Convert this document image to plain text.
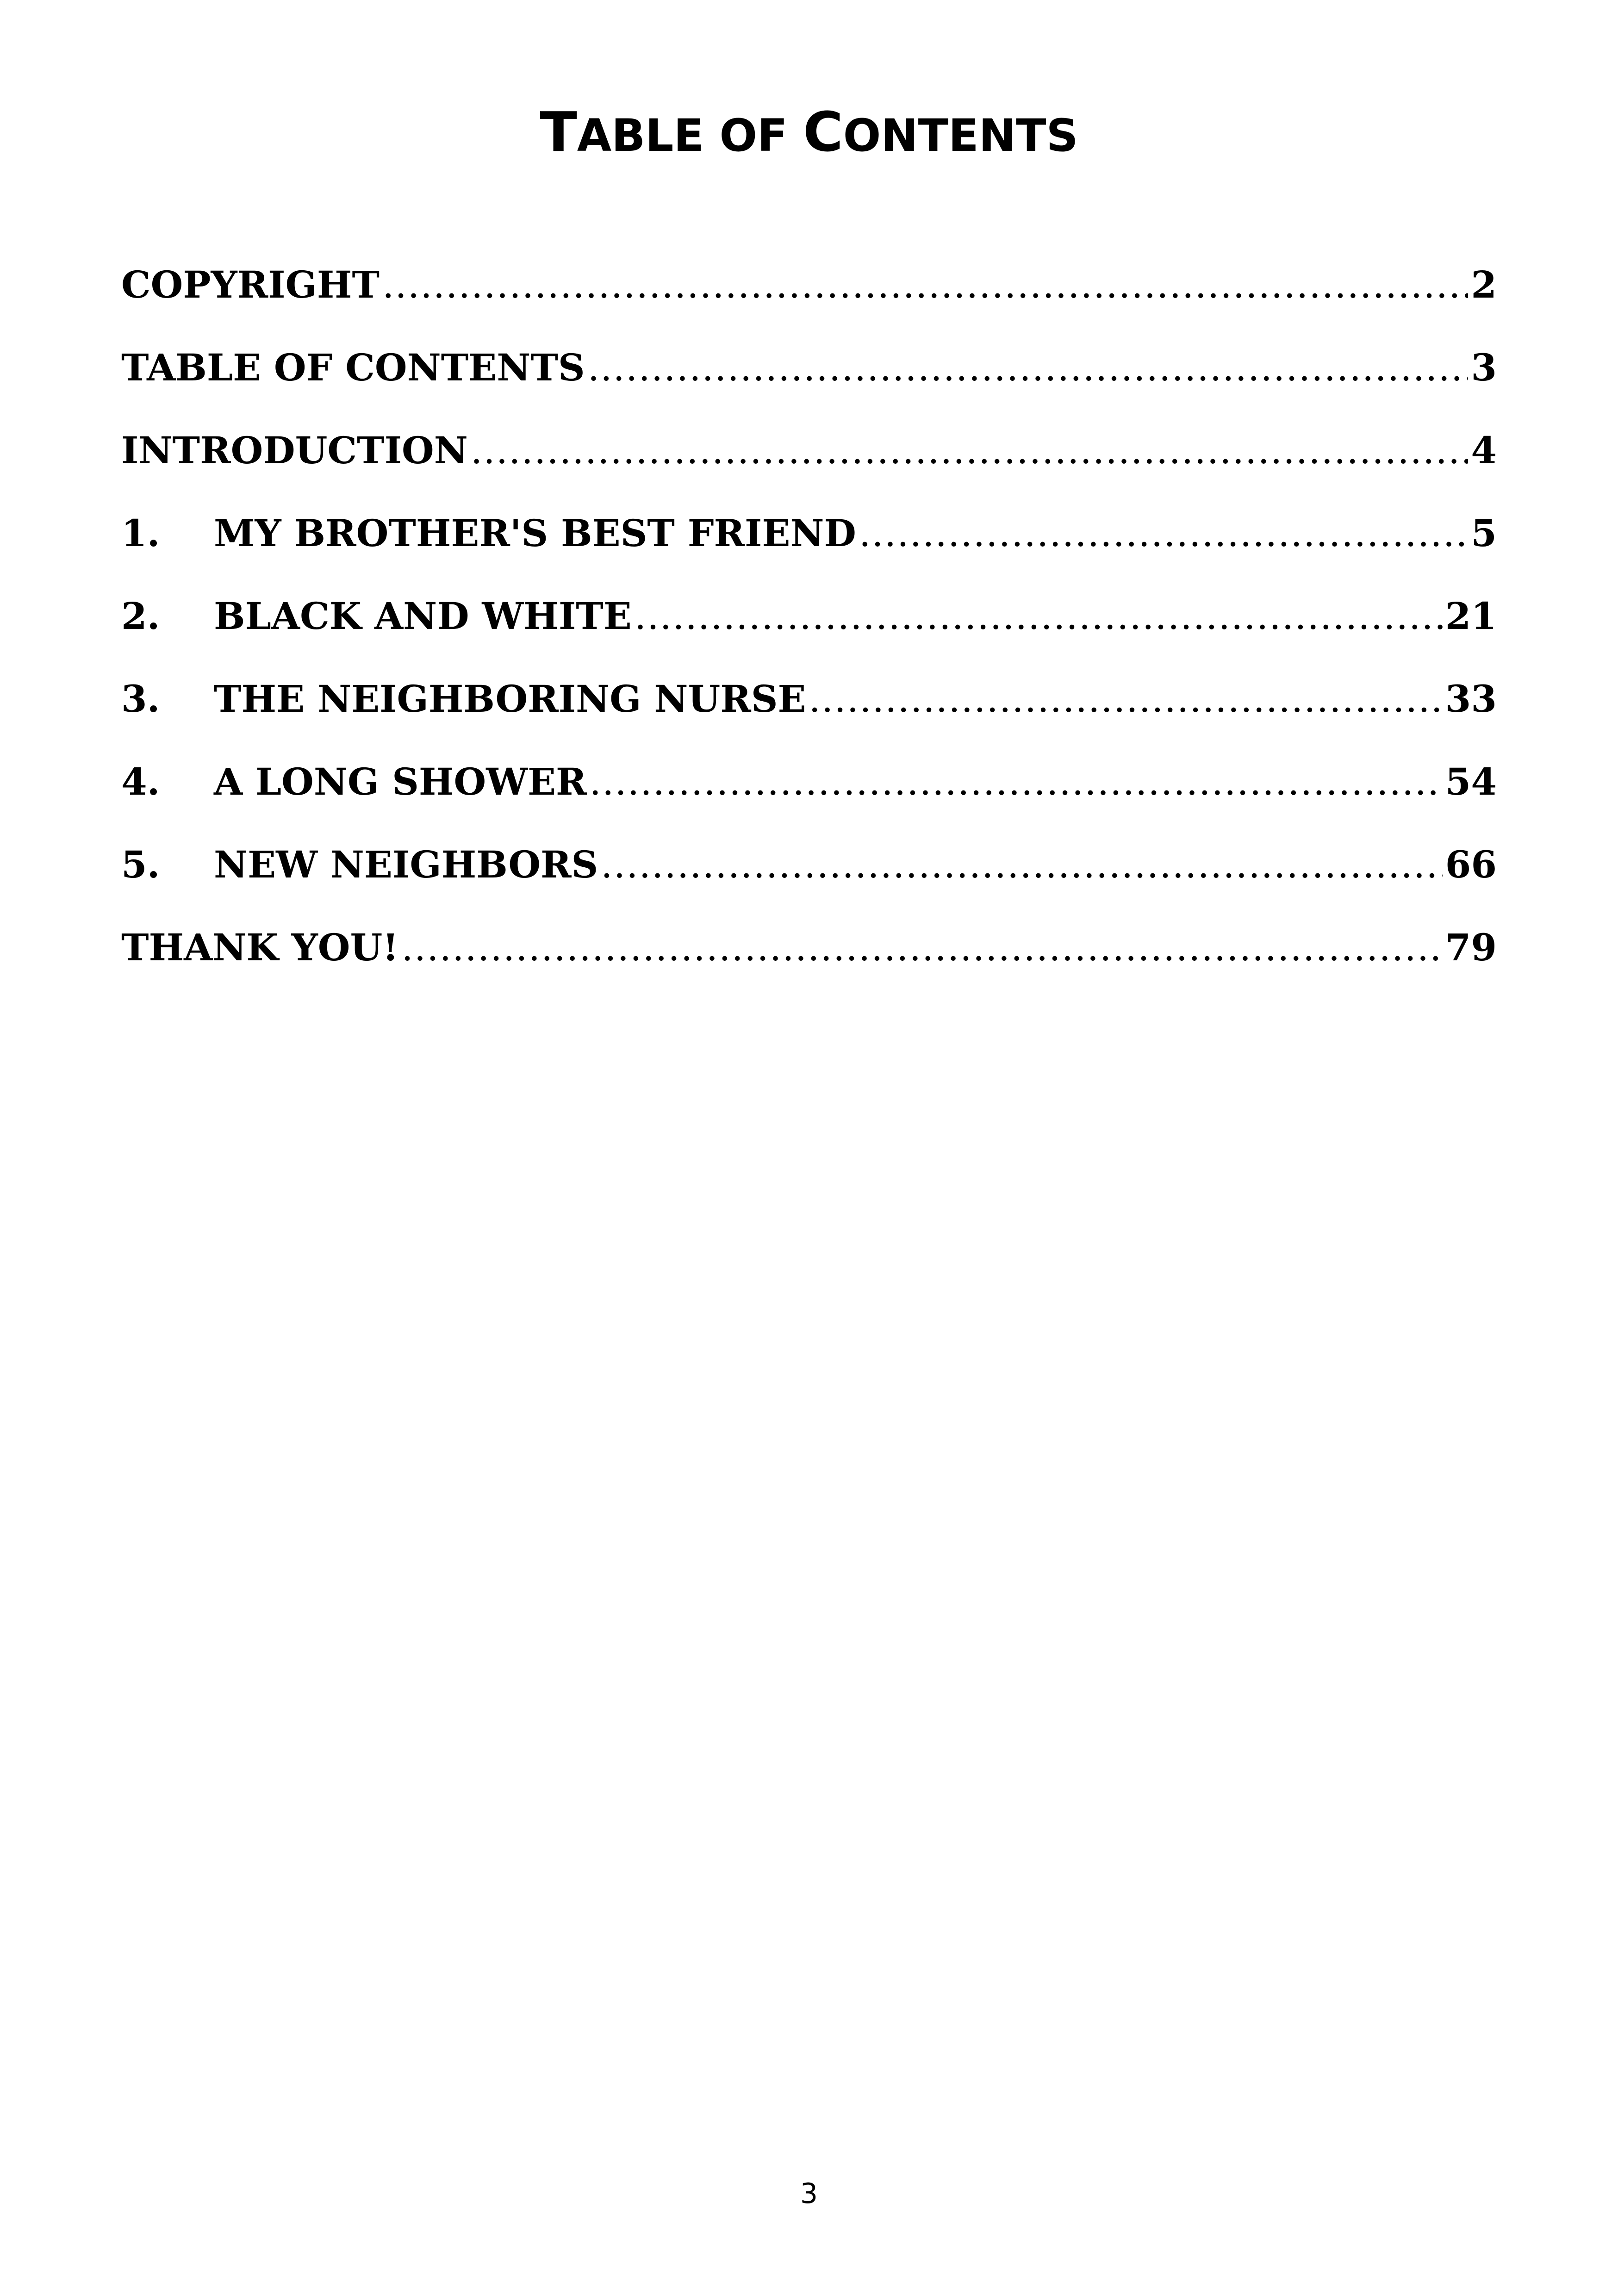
TABLE OF CONTENTS
COPYRIGHT .....	2
TABLE OF CONTENTS .....	3
INTRODUCTION .....	4
1.	MY BROTHER'S BEST FRIEND .....	5
2.	BLACK AND WHITE .....	21
3.	THE NEIGHBORING NURSE .....	33
4.	A LONG SHOWER .....	54
5.	NEW NEIGHBORS .....	66
THANK YOU! .....	79
3
